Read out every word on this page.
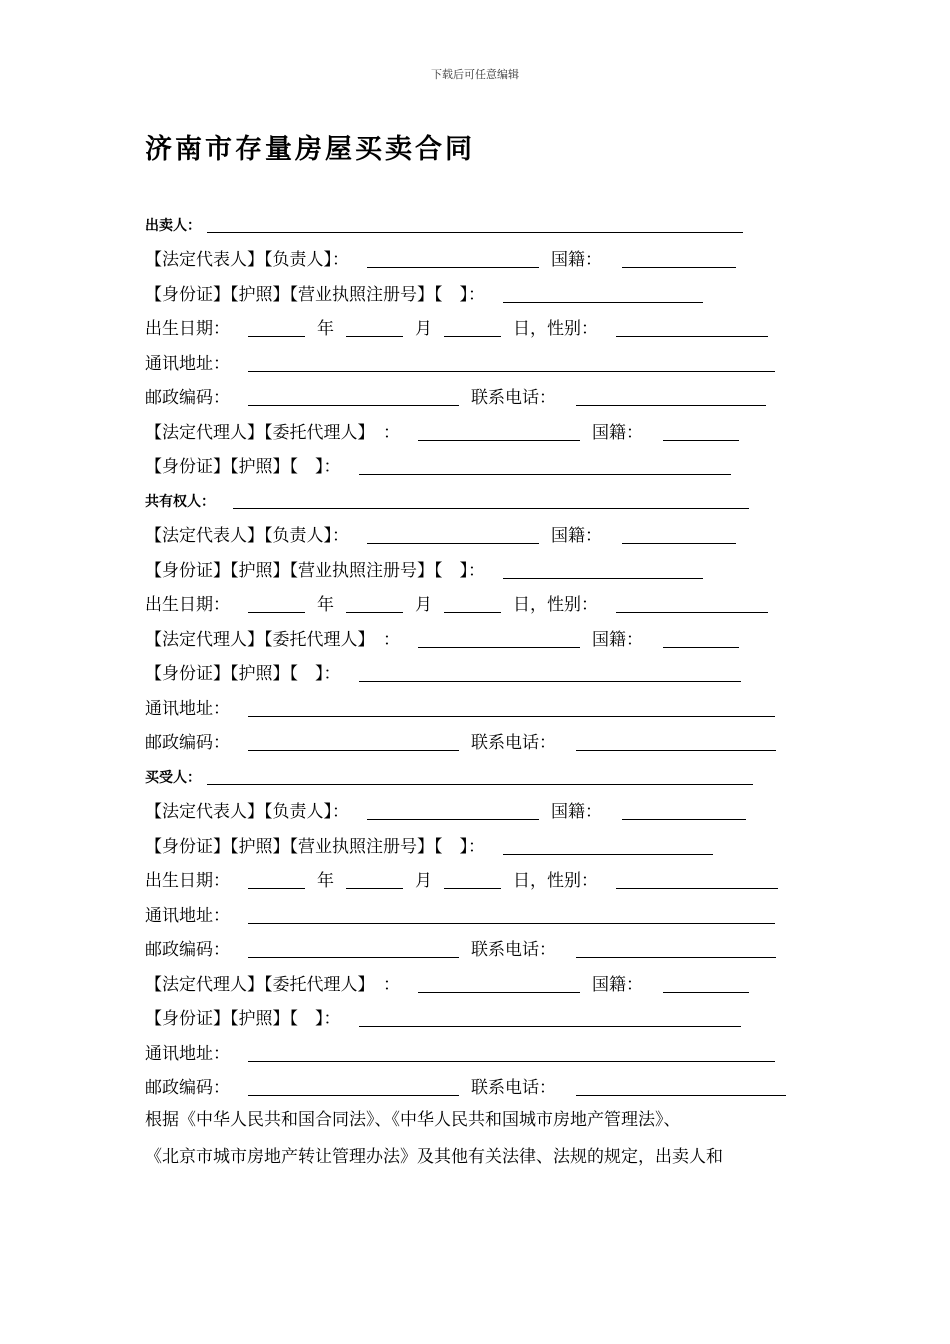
下载后可任意编辑
济南市存量房屋买卖合同
出卖人：
【法定代表人】【负责人】：	国籍：
【身份证】【护照】【营业执照注册号】【　】：
出生日期：	年	月	日，性别：
通讯地址：
邮政编码：	联系电话：
【法定代理人】【委托代理人】　：	国籍：
【身份证】【护照】【　】：
共有权人：
【法定代表人】【负责人】：	国籍：
【身份证】【护照】【营业执照注册号】【　】：
出生日期：	年	月	日，性别：
【法定代理人】【委托代理人】　：	国籍：
【身份证】【护照】【　】：
通讯地址：
邮政编码：	联系电话：
买受人：
【法定代表人】【负责人】：	国籍：
【身份证】【护照】【营业执照注册号】【　】：
出生日期：	年	月	日，性别：
通讯地址：
邮政编码：	联系电话：
【法定代理人】【委托代理人】　：	国籍：
【身份证】【护照】【　】：
通讯地址：
邮政编码：	联系电话：
根据《中华人民共和国合同法》、《中华人民共和国城市房地产管理法》、
《北京市城市房地产转让管理办法》及其他有关法律、法规的规定，出卖人和
